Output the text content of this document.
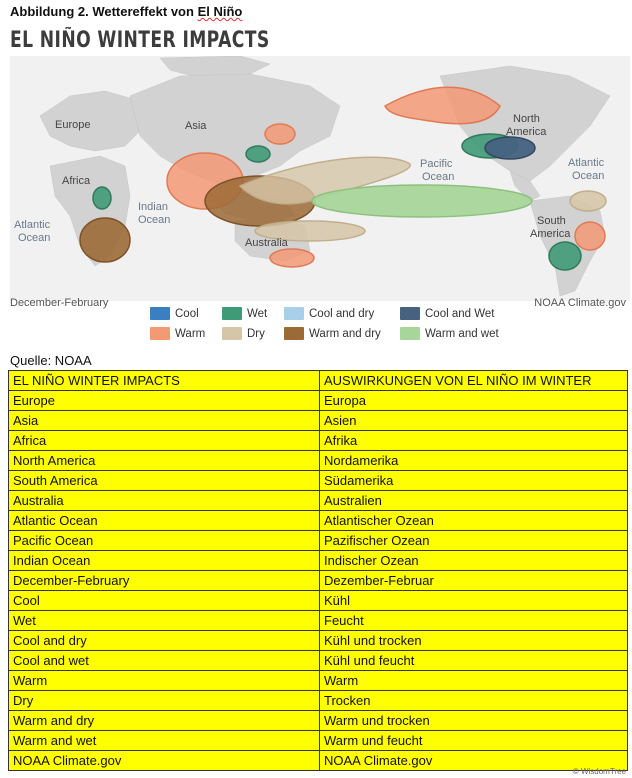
Abbildung 2. Wettereffekt von El Niño
EL NIÑO WINTER IMPACTS
Europe	Asia
Africa
North
America
South
America
Australia
Atlantic
Ocean
Pacific
Ocean
Atlantic
Ocean
Indian
Ocean
December-February	NOAA Climate.gov
Cool	Wet	Cool and dry	Cool and Wet
Warm	Dry	Warm and dry	Warm and wet
Quelle: NOAA
EL NIÑO WINTER IMPACTS	AUSWIRKUNGEN VON EL NIÑO IM WINTER
Europe	Europa
Asia	Asien
Africa	Afrika
North America	Nordamerika
South America	Südamerika
Australia	Australien
Atlantic Ocean	Atlantischer Ozean
Pacific Ocean	Pazifischer Ozean
Indian Ocean	Indischer Ozean
December-February	Dezember-Februar
Cool	Kühl
Wet	Feucht
Cool and dry	Kühl und trocken
Cool and wet	Kühl und feucht
Warm	Warm
Dry	Trocken
Warm and dry	Warm und trocken
Warm and wet	Warm und feucht
NOAA Climate.gov	NOAA Climate.gov
© WisdomTree
